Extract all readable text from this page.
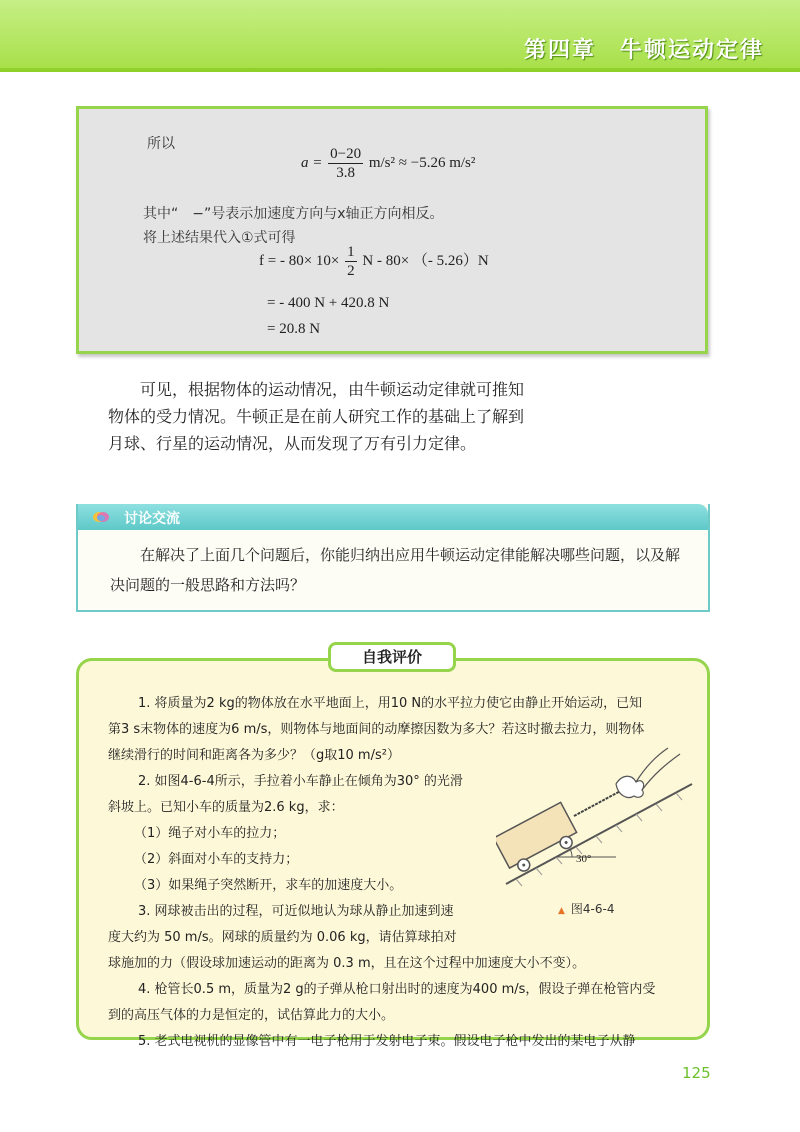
第四章　牛顿运动定律
所以
$a = \frac{0-20}{3.8} m/s^2 \approx -5.26$ m/s²
其中“　−”号表示加速度方向与x轴正方向相反。
将上述结果代入①式可得
f = - $80\times 10\times \frac{1}{2}$ N - 80× （- 5.26）N
= - 400 N + 420.8 N
= 20.8 N
可见，根据物体的运动情况，由牛顿运动定律就可推知物体的受力情况。牛顿正是在前人研究工作的基础上了解到月球、行星的运动情况，从而发现了万有引力定律。
讨论交流
在解决了上面几个问题后，你能归纳出应用牛顿运动定律能解决哪些问题，以及解决问题的一般思路和方法吗？
自我评价
1. 将质量为2 kg的物体放在水平地面上，用10 N的水平拉力使它由静止开始运动，已知
第3 s末物体的速度为6 m/s，则物体与地面间的动摩擦因数为多大？若这时撤去拉力，则物体
继续滑行的时间和距离各为多少？（g取10 m/s²）
2. 如图4-6-4所示，手拉着小车静止在倾角为30° 的光滑
斜坡上。已知小车的质量为2.6 kg，求：
（1）绳子对小车的拉力；
（2）斜面对小车的支持力；
（3）如果绳子突然断开，求车的加速度大小。
3. 网球被击出的过程，可近似地认为球从静止加速到速
度大约为 50 m/s。网球的质量约为 0.06 kg，请估算球拍对
球施加的力（假设球加速运动的距离为 0.3 m，且在这个过程中加速度大小不变）。
4. 枪管长0.5 m，质量为2 g的子弹从枪口射出时的速度为400 m/s，假设子弹在枪管内受
到的高压气体的力是恒定的，试估算此力的大小。
5. 老式电视机的显像管中有一电子枪用于发射电子束。假设电子枪中发出的某电子从静
30°
▲ 图4-6-4
125
